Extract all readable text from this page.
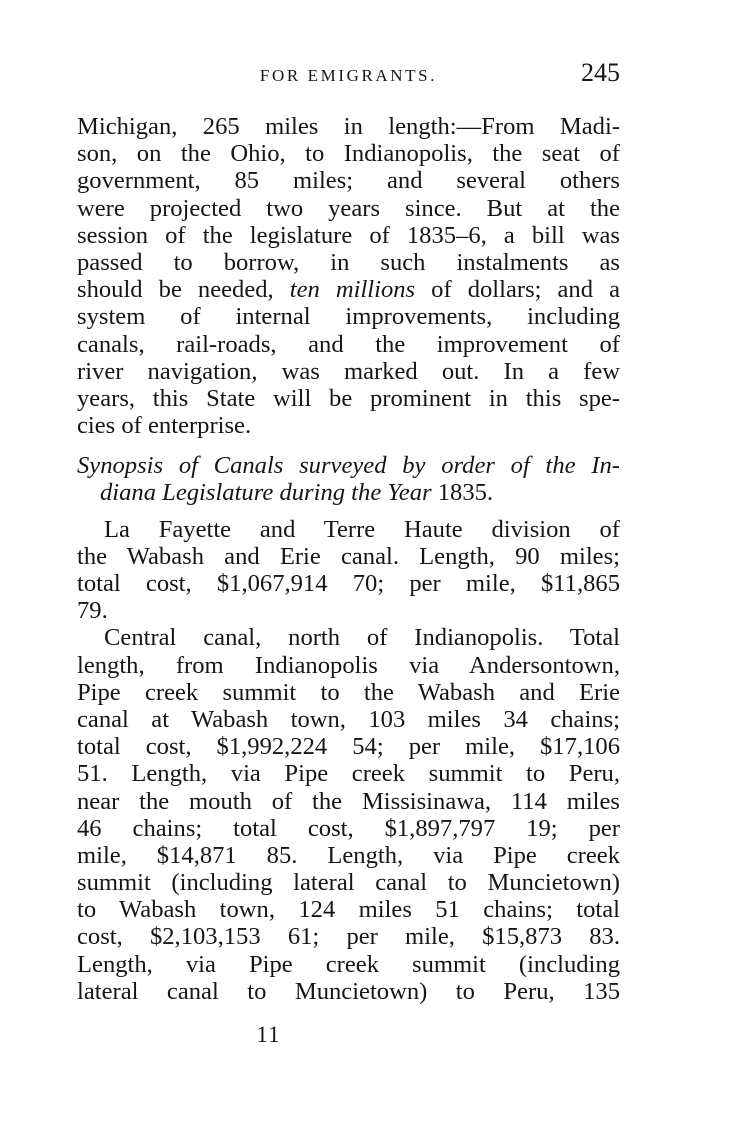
FOR EMIGRANTS.	245
Michigan, 265 miles in length:—From Madi-
son, on the Ohio, to Indianopolis, the seat of
government, 85 miles; and several others
were projected two years since. But at the
session of the legislature of 1835–6, a bill was
passed to borrow, in such instalments as
should be needed, ten millions of dollars; and a
system of internal improvements, including
canals, rail-roads, and the improvement of
river navigation, was marked out. In a few
years, this State will be prominent in this spe-
cies of enterprise.
Synopsis of Canals surveyed by order of the In-
diana Legislature during the Year 1835.
La Fayette and Terre Haute division of
the Wabash and Erie canal. Length, 90 miles;
total cost, $1,067,914 70; per mile, $11,865
79.
Central canal, north of Indianopolis. Total
length, from Indianopolis via Andersontown,
Pipe creek summit to the Wabash and Erie
canal at Wabash town, 103 miles 34 chains;
total cost, $1,992,224 54; per mile, $17,106
51. Length, via Pipe creek summit to Peru,
near the mouth of the Missisinawa, 114 miles
46 chains; total cost, $1,897,797 19; per
mile, $14,871 85. Length, via Pipe creek
summit (including lateral canal to Muncietown)
to Wabash town, 124 miles 51 chains; total
cost, $2,103,153 61; per mile, $15,873 83.
Length, via Pipe creek summit (including
lateral canal to Muncietown) to Peru, 135
11
